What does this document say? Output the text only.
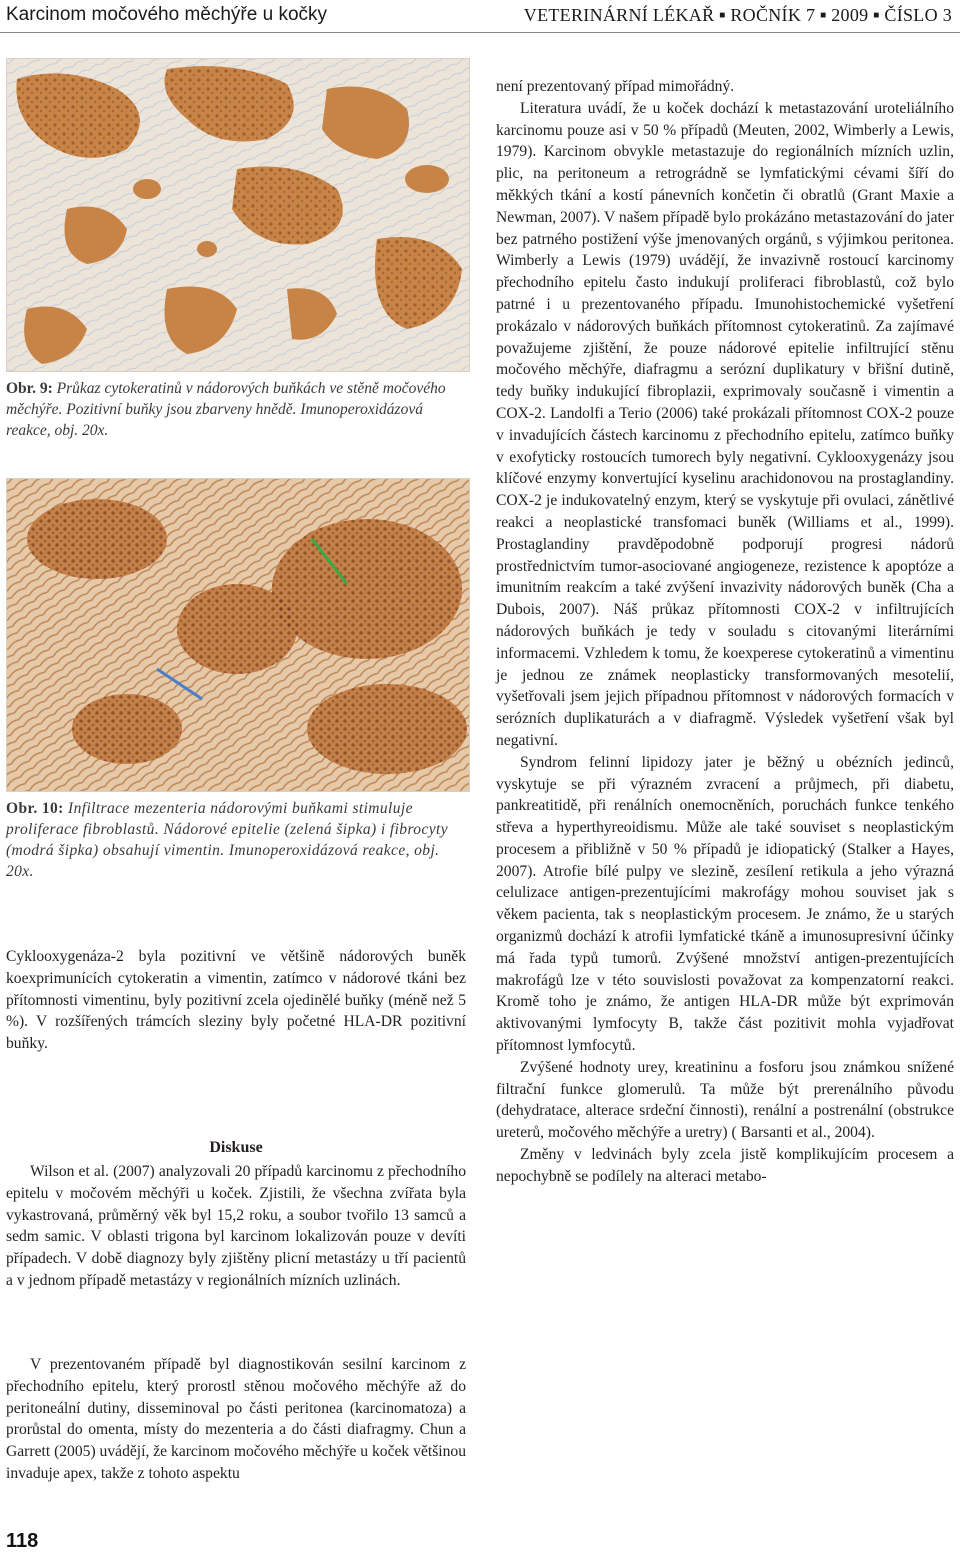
Karcinom močového měchýře u kočky	VETERINÁRNÍ LÉKAŘ ■ ROČNÍK 7 ■ 2009 ■ ČÍSLO 3
Obr. 9: Průkaz cytokeratinů v nádorových buňkách ve stěně močového měchýře. Pozitivní buňky jsou zbarveny hnědě. Imunoperoxidázová reakce, obj. 20x.
Obr. 10: Infiltrace mezenteria nádorovými buňkami stimuluje proliferace fibroblastů. Nádorové epitelie (zelená šipka) i fibrocyty (modrá šipka) obsahují vimentin. Imunoperoxidázová reakce, obj. 20x.
Cyklooxygenáza-2 byla pozitivní ve většině nádorových buněk koexprimunících cytokeratin a vimentin, zatímco v nádorové tkáni bez přítomnosti vimentinu, byly pozitivní zcela ojedinělé buňky (méně než 5 %). V rozšířených trámcích sleziny byly početné HLA-DR pozitivní buňky.
Diskuse
Wilson et al. (2007) analyzovali 20 případů karcinomu z přechodního epitelu v močovém měchýři u koček. Zjistili, že všechna zvířata byla vykastrovaná, průměrný věk byl 15,2 roku, a soubor tvořilo 13 samců a sedm samic. V oblasti trigona byl karcinom lokalizován pouze v devíti případech. V době diagnozy byly zjištěny plicní metastázy u tří pacientů a v jednom případě metastázy v regionálních mízních uzlinách.
V prezentovaném případě byl diagnostikován sesilní karcinom z přechodního epitelu, který prorostl stěnou močového měchýře až do peritoneální dutiny, disseminoval po části peritonea (karcinomatoza) a prorůstal do omenta, místy do mezenteria a do části diafragmy. Chun a Garrett (2005) uvádějí, že karcinom močového měchýře u koček většinou invaduje apex, takže z tohoto aspektu

není prezentovaný případ mimořádný.

Literatura uvádí, že u koček dochází k metastazování uroteliálního karcinomu pouze asi v 50 % případů (Meuten, 2002, Wimberly a Lewis, 1979). Karcinom obvykle metastazuje do regionálních mízních uzlin, plic, na peritoneum a retrográdně se lymfatickými cévami šíří do měkkých tkání a kostí pánevních končetin či obratlů (Grant Maxie a Newman, 2007). V našem případě bylo prokázáno metastazování do jater bez patrného postižení výše jmenovaných orgánů, s výjimkou peritonea. Wimberly a Lewis (1979) uvádějí, že invazivně rostoucí karcinomy přechodního epitelu často indukují proliferaci fibroblastů, což bylo patrné i u prezentovaného případu. Imunohistochemické vyšetření prokázalo v nádorových buňkách přítomnost cytokeratinů. Za zajímavé považujeme zjištění, že pouze nádorové epitelie infiltrující stěnu močového měchýře, diafragmu a serózní duplikatury v břišní dutině, tedy buňky indukující fibroplazii, exprimovaly současně i vimentin a COX-2. Landolfi a Terio (2006) také prokázali přítomnost COX-2 pouze v invadujících částech karcinomu z přechodního epitelu, zatímco buňky v exofyticky rostoucích tumorech byly negativní. Cyklooxygenázy jsou klíčové enzymy konvertující kyselinu arachidonovou na prostaglandiny. COX-2 je indukovatelný enzym, který se vyskytuje při ovulaci, zánětlivé reakci a neoplastické transfomaci buněk (Williams et al., 1999). Prostaglandiny pravděpodobně podporují progresi nádorů prostřednictvím tumor-asociované angiogeneze, rezistence k apoptóze a imunitním reakcím a také zvýšení invazivity nádorových buněk (Cha a Dubois, 2007). Náš průkaz přítomnosti COX-2 v infiltrujících nádorových buňkách je tedy v souladu s citovanými literárními informacemi. Vzhledem k tomu, že koexperese cytokeratinů a vimentinu je jednou ze známek neoplasticky transformovaných mesotelií, vyšetřovali jsem jejich případnou přítomnost v nádorových formacích v serózních duplikaturách a v diafragmě. Výsledek vyšetření však byl negativní.

Syndrom felinní lipidozy jater je běžný u obézních jedinců, vyskytuje se při výrazném zvracení a průjmech, při diabetu, pankreatitidě, při renálních onemocněních, poruchách funkce tenkého střeva a hyperthyreoidismu. Může ale také souviset s neoplastickým procesem a přibližně v 50 % případů je idiopatický (Stalker a Hayes, 2007). Atrofie bílé pulpy ve slezině, zesílení retikula a jeho výrazná celulizace antigen-prezentujícími makrofágy mohou souviset jak s věkem pacienta, tak s neoplastickým procesem. Je známo, že u starých organizmů dochází k atrofii lymfatické tkáně a imunosupresivní účinky má řada typů tumorů. Zvýšené množství antigen-prezentujících makrofágů lze v této souvislosti považovat za kompenzatorní reakci. Kromě toho je známo, že antigen HLA-DR může být exprimován aktivovanými lymfocyty B, takže část pozitivit mohla vyjadřovat přítomnost lymfocytů.

Zvýšené hodnoty urey, kreatininu a fosforu jsou známkou snížené filtrační funkce glomerulů. Ta může být prerenálního původu (dehydratace, alterace srdeční činnosti), renální a postrenální (obstrukce ureterů, močového měchýře a uretry) ( Barsanti et al., 2004).

Změny v ledvinách byly zcela jistě komplikujícím procesem a nepochybně se podílely na alteraci metabo-

118
